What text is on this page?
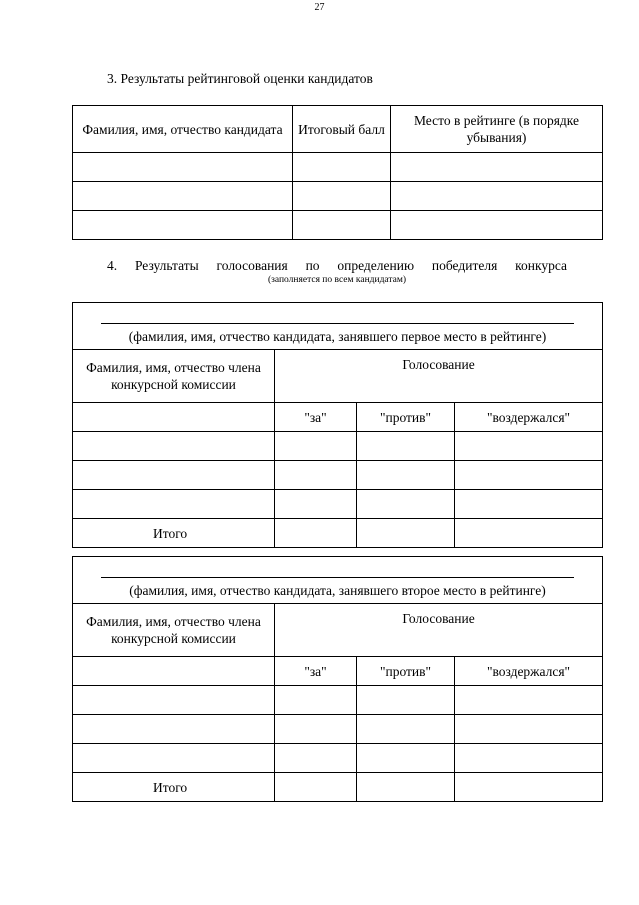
27
3. Результаты рейтинговой оценки кандидатов
Фамилия, имя, отчество кандидата	Итоговый балл	Место в рейтинге (в порядке убывания)

4. Результаты голосования по определению победителя конкурса
(заполняется по всем кандидатам)
(фамилия, имя, отчество кандидата, занявшего первое место в рейтинге)			

Фамилия, имя, отчество члена конкурсной комиссии	Голосование		
	"за"	"против"	"воздержался"

Итого			
(фамилия, имя, отчество кандидата, занявшего второе место в рейтинге)			

Фамилия, имя, отчество члена конкурсной комиссии	Голосование		
	"за"	"против"	"воздержался"

Итого			
